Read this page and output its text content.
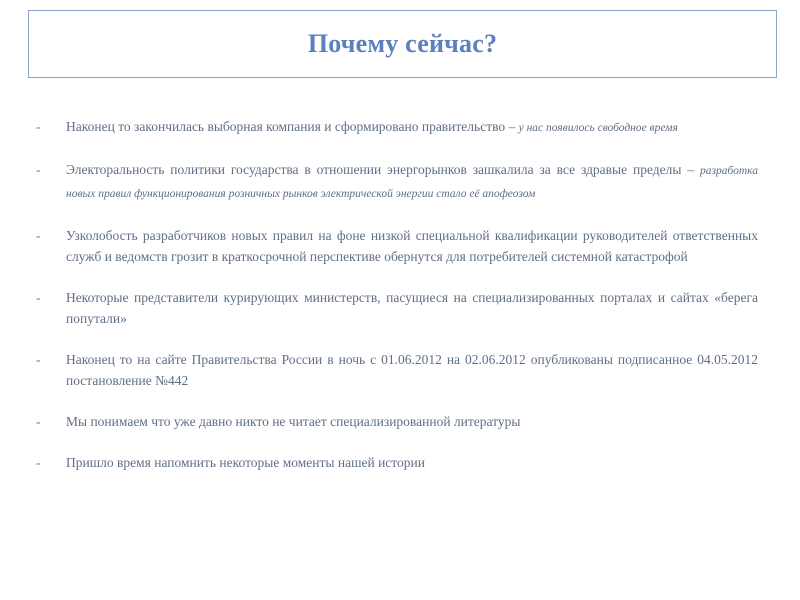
Почему сейчас?
-	Наконец то закончилась выборная компания и сформировано правительство – у нас появилось свободное время
-	Электоральность политики государства в отношении энергорынков зашкалила за все здравые пределы – разработка новых правил функционирования розничных рынков электрической энергии стало её апофеозом
-	Узколобость разработчиков новых правил на фоне низкой специальной квалификации руководителей ответственных служб и ведомств грозит в краткосрочной перспективе обернутся для потребителей системной катастрофой
-	Некоторые представители курирующих министерств, пасущиеся на специализированных порталах и сайтах «берега попутали»
-	Наконец то на сайте Правительства России в ночь с 01.06.2012 на 02.06.2012 опубликованы подписанное 04.05.2012 постановление №442
-	Мы понимаем что уже давно никто не читает специализированной литературы
-	Пришло время напомнить некоторые моменты нашей истории
